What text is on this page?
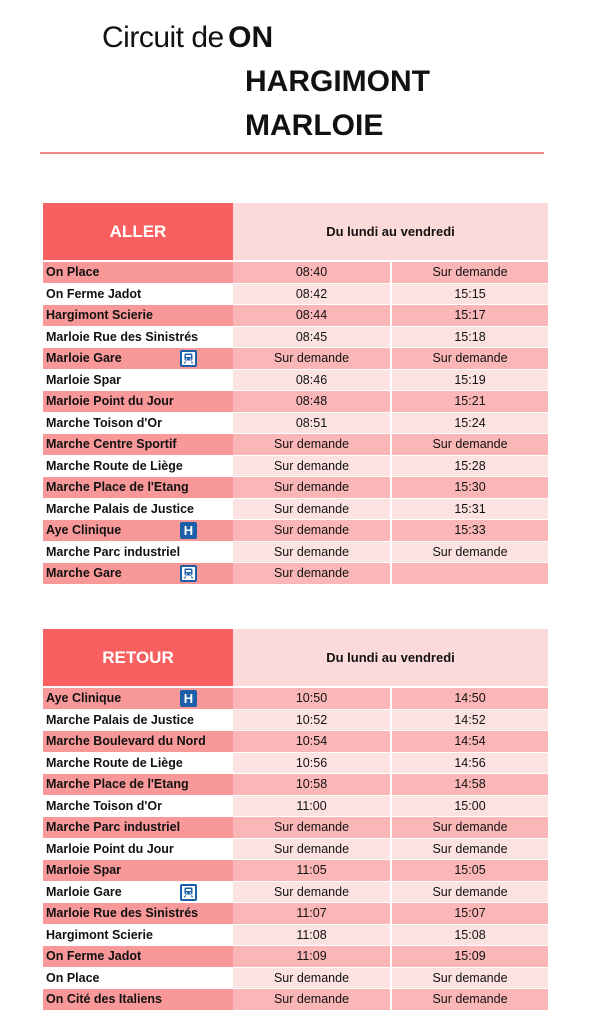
Circuit de ON
HARGIMONT
MARLOIE
ALLER	Du lundi au vendredi
On Place	08:40	Sur demande
On Ferme Jadot	08:42	15:15
Hargimont Scierie	08:44	15:17
Marloie Rue des Sinistrés	08:45	15:18
Marloie Gare	Sur demande	Sur demande
Marloie Spar	08:46	15:19
Marloie Point du Jour	08:48	15:21
Marche Toison d'Or	08:51	15:24
Marche Centre Sportif	Sur demande	Sur demande
Marche Route de Liège	Sur demande	15:28
Marche Place de l'Etang	Sur demande	15:30
Marche Palais de Justice	Sur demande	15:31
Aye Clinique	H	Sur demande	15:33
Marche Parc industriel	Sur demande	Sur demande
Marche Gare	Sur demande
RETOUR	Du lundi au vendredi
Aye Clinique	H	10:50	14:50
Marche Palais de Justice	10:52	14:52
Marche Boulevard du Nord	10:54	14:54
Marche Route de Liège	10:56	14:56
Marche Place de l'Etang	10:58	14:58
Marche Toison d'Or	11:00	15:00
Marche Parc industriel	Sur demande	Sur demande
Marloie Point du Jour	Sur demande	Sur demande
Marloie Spar	11:05	15:05
Marloie Gare	Sur demande	Sur demande
Marloie Rue des Sinistrés	11:07	15:07
Hargimont Scierie	11:08	15:08
On Ferme Jadot	11:09	15:09
On Place	Sur demande	Sur demande
On Cité des Italiens	Sur demande	Sur demande
